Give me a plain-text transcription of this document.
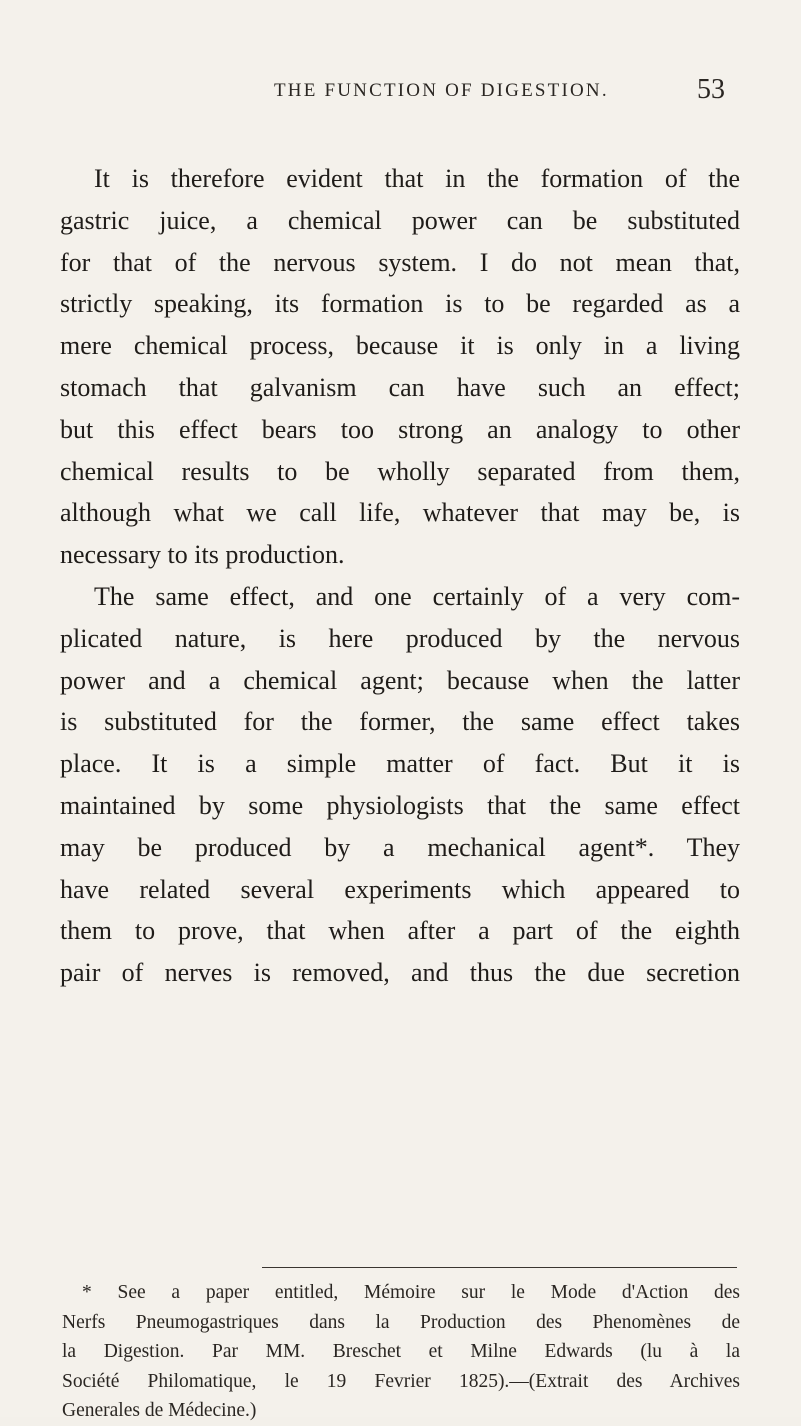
THE FUNCTION OF DIGESTION.	53
It is therefore evident that in the formation of the
gastric juice, a chemical power can be substituted
for that of the nervous system. I do not mean that,
strictly speaking, its formation is to be regarded as a
mere chemical process, because it is only in a living
stomach that galvanism can have such an effect;
but this effect bears too strong an analogy to other
chemical results to be wholly separated from them,
although what we call life, whatever that may be, is
necessary to its production.
The same effect, and one certainly of a very com-
plicated nature, is here produced by the nervous
power and a chemical agent; because when the latter
is substituted for the former, the same effect takes
place. It is a simple matter of fact. But it is
maintained by some physiologists that the same effect
may be produced by a mechanical agent*. They
have related several experiments which appeared to
them to prove, that when after a part of the eighth
pair of nerves is removed, and thus the due secretion
* See a paper entitled, Mémoire sur le Mode d'Action des
Nerfs Pneumogastriques dans la Production des Phenomènes de
la Digestion. Par MM. Breschet et Milne Edwards (lu à la
Société Philomatique, le 19 Fevrier 1825).—(Extrait des Archives
Generales de Médecine.)
